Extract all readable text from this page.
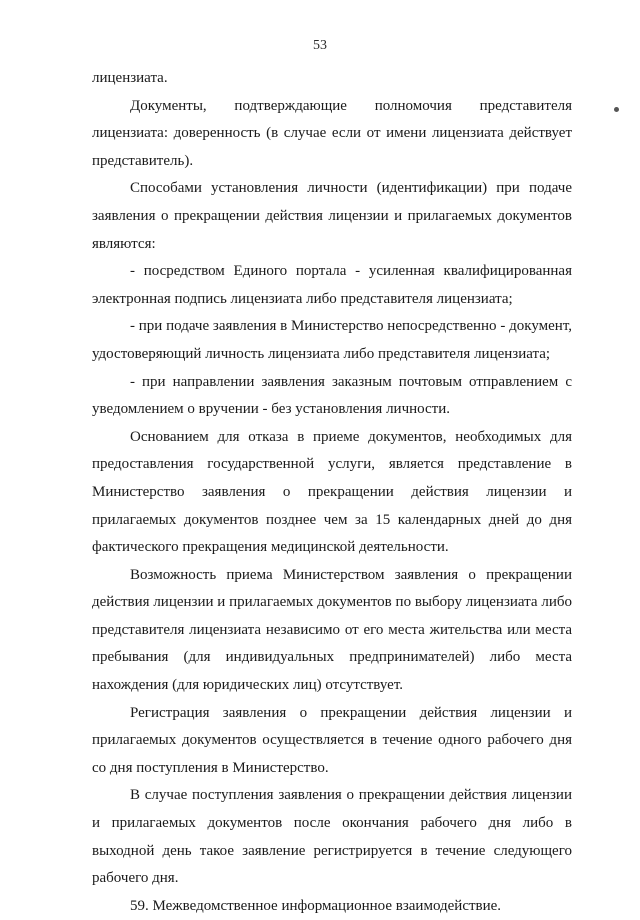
53

лицензиата.

Документы, подтверждающие полномочия представителя лицензиата: доверенность (в случае если от имени лицензиата действует представитель).

Способами установления личности (идентификации) при подаче заявления о прекращении действия лицензии и прилагаемых документов являются:

- посредством Единого портала - усиленная квалифицированная электронная подпись лицензиата либо представителя лицензиата;

- при подаче заявления в Министерство непосредственно - документ, удостоверяющий личность лицензиата либо представителя лицензиата;

- при направлении заявления заказным почтовым отправлением с уведомлением о вручении - без установления личности.

Основанием для отказа в приеме документов, необходимых для предоставления государственной услуги, является представление в Министерство заявления о прекращении действия лицензии и прилагаемых документов позднее чем за 15 календарных дней до дня фактического прекращения медицинской деятельности.

Возможность приема Министерством заявления о прекращении действия лицензии и прилагаемых документов по выбору лицензиата либо представителя лицензиата независимо от его места жительства или места пребывания (для индивидуальных предпринимателей) либо места нахождения (для юридических лиц) отсутствует.

Регистрация заявления о прекращении действия лицензии и прилагаемых документов осуществляется в течение одного рабочего дня со дня поступления в Министерство.

В случае поступления заявления о прекращении действия лицензии и прилагаемых документов после окончания рабочего дня либо в выходной день такое заявление регистрируется в течение следующего рабочего дня.

59. Межведомственное информационное взаимодействие.
